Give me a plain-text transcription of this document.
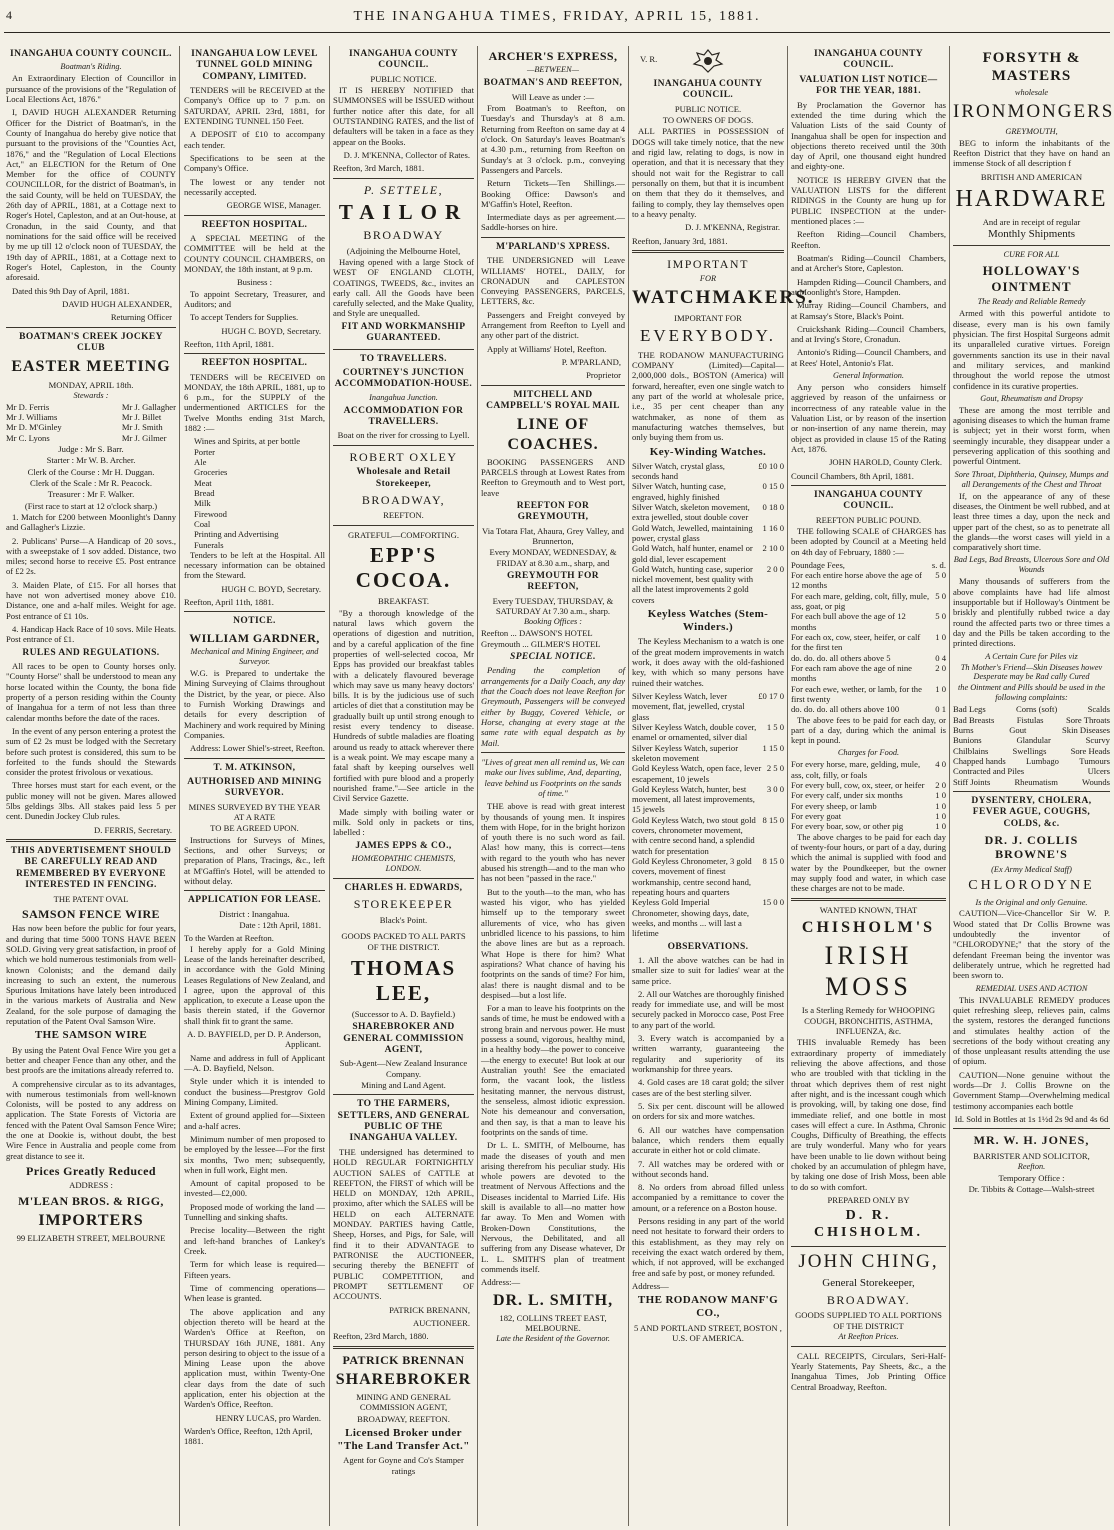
4	THE INANGAHUA TIMES, FRIDAY, APRIL 15, 1881.
INANGAHUA COUNTY COUNCIL.
Boatman's Riding.

An Extraordinary Election of Councillor in pursuance of the provisions of the "Regulation of Local Elections Act, 1876."

I, DAVID HUGH ALEXANDER Returning Officer for the District of Boatman's, in the County of Inangahua do hereby give notice that pursuant to the provisions of the "Counties Act, 1876," and the "Regulation of Local Elections Act," an ELECTION for the Return of One Member for the office of COUNTY COUNCILLOR, for the district of Boatman's, in the said County, will be held on TUESDAY, the 26th day of APRIL, 1881, at a Cottage next to Roger's Hotel, Capleston, and at an Out-house, at Cronadun, in the said County, and that nominations for the said office will be received by me up till 12 o'clock noon of TUESDAY, the 19th day of APRIL, 1881, at a Cottage next to Roger's Hotel, Capleston, in the County aforesaid.

Dated this 9th Day of April, 1881.

DAVID HUGH ALEXANDER,
Returning Officer
BOATMAN'S CREEK JOCKEY CLUB
EASTER MEETING
MONDAY, APRIL 18th.
Stewards :
Mr D. Ferris
Mr J. Williams
Mr D. M'Ginley
Mr C. Lyons
Mr J. Gallagher
Mr J. Billet
Mr J. Smith
Mr J. Gilmer
Judge : Mr S. Barr.
Starter : Mr W. B. Archer.
Clerk of the Course : Mr H. Duggan.
Clerk of the Scale : Mr R. Peacock.
Treasurer : Mr F. Walker.
(First race to start at 12 o'clock sharp.)

1. Match for £200 between Moonlight's Danny and Gallagher's Lizzie.

2. Publicans' Purse—A Handicap of 20 sovs., with a sweepstake of 1 sov added. Distance, two miles; second horse to receive £5. Post entrance of £2 2s.

3. Maiden Plate, of £15. For all horses that have not won advertised money above £10. Distance, one and a-half miles. Weight for age. Post entrance of £1 10s.

4. Handicap Hack Race of 10 sovs. Mile Heats. Post entrance of £1.

RULES AND REGULATIONS.

All races to be open to County horses only. "County Horse" shall be understood to mean any horse located within the County, the bona fide property of a person residing within the County of Inangahua for a term of not less than three calendar months before the date of the races.

In the event of any person entering a protest the sum of £2 2s must be lodged with the Secretary before such protest is considered, this sum to be forfeited to the funds should the Stewards consider the protest frivolous or vexatious.

Three horses must start for each event, or the public money will not be given. Mares allowed 5lbs geldings 3lbs. All stakes paid less 5 per cent. Dunedin Jockey Club rules.

D. FERRIS, Secretary.
THIS ADVERTISEMENT SHOULD BE CAREFULLY READ AND REMEMBERED BY EVERYONE INTERESTED IN FENCING.
THE PATENT OVAL
SAMSON FENCE WIRE

Has now been before the public for four years, and during that time 5000 TONS HAVE BEEN SOLD. Giving very great satisfaction, in proof of which we hold numerous testimonials from well-known Colonists; and the demand daily increasing to such an extent, the numerous Spurious Imitations have lately been introduced in the various markets of Australia and New Zealand, for the sole purpose of damaging the reputation of the Patent Oval Samson Wire.

THE SAMSON WIRE

By using the Patent Oval Fence Wire you get a better and cheaper Fence than any other, and the best proofs are the imitations already referred to.

A comprehensive circular as to its advantages, with numerous testimonials from well-known Colonists, will be posted to any address on application. The State Forests of Victoria are fenced with the Patent Oval Samson Fence Wire; the one at Dookie is, without doubt, the best Wire Fence in Australia and people come from great distance to see it.

Prices Greatly Reduced
ADDRESS :
M'LEAN BROS. & RIGG,
IMPORTERS
99 ELIZABETH STREET, MELBOURNE
INANGAHUA LOW LEVEL TUNNEL GOLD MINING COMPANY, LIMITED.

TENDERS will be RECEIVED at the Company's Office up to 7 p.m. on SATURDAY, APRIL 23rd, 1881, for EXTENDING TUNNEL 150 Feet.

A DEPOSIT of £10 to accompany each tender.

Specifications to be seen at the Company's Office.

The lowest or any tender not necessarily accepted.

GEORGE WISE, Manager.
REEFTON HOSPITAL.

A SPECIAL MEETING of the COMMITTEE will be held at the COUNTY COUNCIL CHAMBERS, on MONDAY, the 18th instant, at 9 p.m.

Business :

To appoint Secretary, Treasurer, and Auditors; and

To accept Tenders for Supplies.

HUGH C. BOYD, Secretary.
Reefton, 11th April, 1881.
REEFTON HOSPITAL.

TENDERS will be RECEIVED on MONDAY, the 18th APRIL, 1881, up to 6 p.m., for the SUPPLY of the undermentioned ARTICLES for the Twelve Months ending 31st March, 1882 :—

Wines and Spirits, at per bottle
Porter
Ale
Groceries
Meat
Bread
Milk
Firewood
Coal
Printing and Advertising
Funerals

Tenders to be left at the Hospital. All necessary information can be obtained from the Steward.

HUGH C. BOYD, Secretary.
Reefton, April 11th, 1881.
NOTICE.
WILLIAM GARDNER,
Mechanical and Mining Engineer, and Surveyor.

W.G. is Prepared to undertake the Mining Surveying of Claims throughout the District, by the year, or piece. Also to Furnish Working Drawings and details for every description of Machinery and work required by Mining Companies.

Address: Lower Shiel's-street, Reefton.

T. M. ATKINSON,
AUTHORISED AND MINING SURVEYOR.
MINES SURVEYED BY THE YEAR AT A RATE
TO BE AGREED UPON.

Instructions for Surveys of Mines, Sections, and other Surveys; or preparation of Plans, Tracings, &c., left at M'Gaffin's Hotel, will be attended to without delay.

APPLICATION FOR LEASE.
District : Inangahua.
Date : 12th April, 1881.
To the Warden at Reefton.

I hereby apply for a Gold Mining Lease of the lands hereinafter described, in accordance with the Gold Mining Leases Regulations of New Zealand, and I agree, upon the approval of this application, to execute a Lease upon the basis therein stated, if the Governor shall think fit to grant the same.

A. D. BAYFIELD, per D. P. Anderson, Applicant.

Name and address in full of Applicant—A. D. Bayfield, Nelson.

Style under which it is intended to conduct the business—Prestgrov Gold Mining Company, Limited.

Extent of ground applied for—Sixteen and a-half acres.

Minimum number of men proposed to be employed by the lessee—For the first six months, Two men; subsequently, when in full work, Eight men.

Amount of capital proposed to be invested—£2,000.

Proposed mode of working the land —Tunnelling and sinking shafts.

Precise locality—Between the right and left-hand branches of Lankey's Creek.

Term for which lease is required—Fifteen years.

Time of commencing operations—When lease is granted.

The above application and any objection thereto will be heard at the Warden's Office at Reefton, on THURSDAY 16th JUNE, 1881. Any person desiring to object to the issue of a Mining Lease upon the above application must, within Twenty-One clear days from the date of such application, enter his objection at the Warden's Office, Reefton.

HENRY LUCAS, pro Warden.
Warden's Office, Reefton, 12th April, 1881.
INANGAHUA COUNTY COUNCIL.
PUBLIC NOTICE.

IT IS HEREBY NOTIFIED that SUMMONSES will be ISSUED without further notice after this date, for all OUTSTANDING RATES, and the list of defaulters will be taken in a face as they appear on the Books.

D. J. M'KENNA, Collector of Rates.
Reefton, 3rd March, 1881.
P. SETTELE,
TAILOR
BROADWAY
(Adjoining the Melbourne Hotel,

Having opened with a large Stock of WEST OF ENGLAND CLOTH, COATINGS, TWEEDS, &c., invites an early call. All the Goods have been carefully selected, and the Make Quality, and Style are unequalled.

FIT AND WORKMANSHIP GUARANTEED.
TO TRAVELLERS.
COURTNEY'S JUNCTION ACCOMMODATION-HOUSE.
Inangahua Junction.
ACCOMMODATION FOR TRAVELLERS.
Boat on the river for crossing to Lyell.
ROBERT OXLEY
Wholesale and Retail Storekeeper,
BROADWAY,
REEFTON.
GRATEFUL—COMFORTING.
EPP'S COCOA.
BREAKFAST.

"By a thorough knowledge of the natural laws which govern the operations of digestion and nutrition, and by a careful application of the fine properties of well-selected cocoa, Mr Epps has provided our breakfast tables with a delicately flavoured beverage which may save us many heavy doctors' bills. It is by the judicious use of such articles of diet that a constitution may be gradually built up until strong enough to resist every tendency to disease. Hundreds of subtle maladies are floating around us ready to attack wherever there is a weak point. We may escape many a fatal shaft by keeping ourselves well fortified with pure blood and a properly nourished frame."—See article in the Civil Service Gazette.

Made simply with boiling water or milk. Sold only in packets or tins, labelled :

JAMES EPPS & CO.,
HOMŒOPATHIC CHEMISTS, LONDON.
CHARLES H. EDWARDS,
STOREKEEPER
Black's Point.
GOODS PACKED TO ALL PARTS
OF THE DISTRICT.
THOMAS LEE,
(Successor to A. D. Bayfield.)
SHAREBROKER AND GENERAL COMMISSION AGENT,
Sub-Agent—New Zealand Insurance Company.
Mining and Land Agent.
TO THE FARMERS, SETTLERS, AND GENERAL PUBLIC OF THE INANGAHUA VALLEY.

THE undersigned has determined to HOLD REGULAR FORTNIGHTLY AUCTION SALES of CATTLE at REEFTON, the FIRST of which will be HELD on MONDAY, 12th APRIL, proximo, after which the SALES will be HELD on each ALTERNATE MONDAY. PARTIES having Cattle, Sheep, Horses, and Pigs, for Sale, will find it to their ADVANTAGE to PATRONISE the AUCTIONEER, securing thereby the BENEFIT of PUBLIC COMPETITION, and PROMPT SETTLEMENT OF ACCOUNTS.

PATRICK BRENANN,
AUCTIONEER.
Reefton, 23rd March, 1880.
PATRICK BRENNAN
SHAREBROKER
MINING AND GENERAL COMMISSION AGENT,
BROADWAY, REEFTON.
Licensed Broker under "The Land Transfer Act."
Agent for Goyne and Co's Stamper ratings
ARCHER'S EXPRESS,
—BETWEEN—
BOATMAN'S AND REEFTON,
Will Leave as under :—

From Boatman's to Reefton, on Tuesday's and Thursday's at 8 a.m. Returning from Reefton on same day at 4 o'clock. On Saturday's leaves Boatman's at 4.30 p.m., returning from Reefton on Sunday's at 3 o'clock. p.m., conveying Passengers and Parcels.

Return Tickets—Ten Shillings.—Booking Office: Dawson's and M'Gaffin's Hotel, Reefton.

Intermediate days as per agreement.—Saddle-horses on hire.

M'PARLAND'S XPRESS.

THE UNDERSIGNED will Leave WILLIAMS' HOTEL, DAILY, for CRONADUN and CAPLESTON Conveying PASSENGERS, PARCELS, LETTERS, &c.

Passengers and Freight conveyed by Arrangement from Reefton to Lyell and any other part of the district.

Apply at Williams' Hotel, Reefton.

P. M'PARLAND,
Proprietor
MITCHELL AND CAMPBELL'S ROYAL MAIL
LINE OF COACHES.

BOOKING PASSENGERS AND PARCELS through at Lowest Rates from Reefton to Greymouth and to West port, leave

REEFTON FOR GREYMOUTH,
Via Totara Flat, Ahaura, Grey Valley, and Brunnerton,
Every MONDAY, WEDNESDAY, & FRIDAY at 8.30 a.m., sharp, and
GREYMOUTH FOR REEFTON,
Every TUESDAY, THURSDAY, & SATURDAY At 7.30 a.m., sharp.
Booking Offices :
Reefton ... DAWSON'S HOTEL
Greymouth ... GILMER'S HOTEL
SPECIAL NOTICE.

Pending the completion of arrangements for a Daily Coach, any day that the Coach does not leave Reefton for Greymouth, Passengers will be conveyed either by Buggy, Covered Vehicle, or Horse, changing at every stage at the same rate with equal despatch as by Mail.

"Lives of great men all remind us, We can make our lives sublime, And, departing, leave behind us Footprints on the sands of time."

THE above is read with great interest by thousands of young men. It inspires them with Hope, for in the bright horizon of youth there is no such word as fail. Alas! how many, this is correct—tens with regard to the youth who has never abused his strength—and to the man who has not been "passed in the race."

But to the youth—to the man, who has wasted his vigor, who has yielded himself up to the temporary sweet allurements of vice, who has given unbridled licence to his passions, to him the above lines are but as a reproach. What Hope is there for him? What aspirations? What chance of having his footprints on the sands of time? For him, alas! there is naught dismal and to be despised—but a lost life.

For a man to leave his footprints on the sands of time, he must be endowed with a strong brain and nervous power. He must possess a sound, vigorous, healthy mind, in a healthy body—the power to conceive—the energy to execute! But look at our Australian youth! See the emaciated form, the vacant look, the listless hesitating manner, the nervous distrust, the senseless, almost idiotic expression. Note his demeanour and conversation, and then say, is that a man to leave his footprints on the sands of time.

Dr L. L. SMITH, of Melbourne, has made the diseases of youth and men arising therefrom his peculiar study. His whole powers are devoted to the treatment of Nervous Affections and the Diseases incidental to Married Life. His skill is available to all—no matter how far away. To Men and Women with Broken-Down Constitutions, the Nervous, the Debilitated, and all suffering from any Disease whatever, Dr L. L. SMITH'S plan of treatment commends itself.

Address:—
DR. L. SMITH,
182, COLLINS TREET EAST, MELBOURNE.
Late the Resident of the Governor.
V. R.
INANGAHUA COUNTY COUNCIL.
PUBLIC NOTICE.
TO OWNERS OF DOGS.

ALL PARTIES in POSSESSION of DOGS will take timely notice, that the new and rigid law, relating to dogs, is now in operation, and that it is necessary that they should not wait for the Registrar to call personally on them, but that it is incumbent on them that they do it themselves, and failing to comply, they lay themselves open to a heavy penalty.

D. J. M'KENNA, Registrar.
Reefton, January 3rd, 1881.
IMPORTANT
FOR
WATCHMAKERS.
IMPORTANT FOR
EVERYBODY.

THE RODANOW MANUFACTURING COMPANY (Limited)—Capital—2,000,000 dols., BOSTON (America) will forward, hereafter, even one single watch to any part of the world at wholesale price, i.e., 35 per cent cheaper than any watchmaker, as none of them as manufacturing watches themselves, but only buying them from us.

Key-Winding Watches.
Silver Watch, crystal glass, seconds hand
£0 10 0
Silver Watch, hunting case, engraved, highly finished
0 15 0
Silver Watch, skeleton movement, extra jewelled, stout double cover
0 18 0
Gold Watch, Jewelled, maintaining power, crystal glass
1 16 0
Gold Watch, half hunter, enamel or gold dial, lever escapement
2 10 0
Gold Watch, hunting case, superior nickel movement, best quality with all the latest improvements 2 gold covers
2 0 0
Keyless Watches (Stem-Winders.)

The Keyless Mechanism to a watch is one of the great modern improvements in watch work, it does away with the old-fashioned key, with which so many persons have ruined their watches.

Silver Keyless Watch, lever movement, flat, jewelled, crystal glass
£0 17 0
Silver Keyless Watch, double cover, enamel or ornamented, silver dial
1 5 0
Silver Keyless Watch, superior skeleton movement
1 15 0
Gold Keyless Watch, open face, lever escapement, 10 jewels
2 5 0
Gold Keyless Watch, hunter, best movement, all latest improvements, 15 jewels
3 0 0
Gold Keyless Watch, two stout gold covers, chronometer movement, with centre second hand, a splendid watch for presentation
8 15 0
Gold Keyless Chronometer, 3 gold covers, movement of finest workmanship, centre second hand, repeating hours and quarters
8 15 0
Keyless Gold Imperial Chronometer, showing days, date, weeks, and months ... will last a lifetime
15 0 0
OBSERVATIONS.

1. All the above watches can be had in smaller size to suit for ladies' wear at the same price.

2. All our Watches are thoroughly finished ready for immediate use, and will be most securely packed in Morocco case, Post Free to any part of the world.

3. Every watch is accompanied by a written warranty, guaranteeing the regularity and superiority of its workmanship for three years.

4. Gold cases are 18 carat gold; the silver cases are of the best sterling silver.

5. Six per cent. discount will be allowed on orders for six and more watches.

6. All our watches have compensation balance, which renders them equally accurate in either hot or cold climate.

7. All watches may be ordered with or without seconds hand.

8. No orders from abroad filled unless accompanied by a remittance to cover the amount, or a reference on a Boston house.

Persons residing in any part of the world need not hesitate to forward their orders to this establishment, as they may rely on receiving the exact watch ordered by them, which, if not approved, will be exchanged free and safe by post, or money refunded.

Address—
THE RODANOW MANF'G CO.,
5 AND PORTLAND STREET, BOSTON , U.S. OF AMERICA.
INANGAHUA COUNTY COUNCIL.
VALUATION LIST NOTICE—FOR THE YEAR, 1881.

By Proclamation the Governor has extended the time during which the Valuation Lists of the said County of Inangahua shall be open for inspection and objections thereto received until the 30th day of April, one thousand eight hundred and eighty-one.

NOTICE IS HEREBY GIVEN that the VALUATION LISTS for the different RIDINGS in the County are hung up for PUBLIC INSPECTION at the under-mentioned places :—

Reefton Riding—Council Chambers, Reefton.

Boatman's Riding—Council Chambers, and at Archer's Store, Capleston.

Hampden Riding—Council Chambers, and at Moonlight's Store, Hampden.

Murray Riding—Council Chambers, and at Ramsay's Store, Black's Point.

Cruickshank Riding—Council Chambers, and at Irving's Store, Cronadun.

Antonio's Riding—Council Chambers, and at Rees' Hotel, Antonio's Flat.

General Information.

Any person who considers himself aggrieved by reason of the unfairness or incorrectness of any rateable value in the Valuation List, or by reason of the insertion or non-insertion of any name therein, may object as provided in clause 15 of the Rating Act, 1876.

JOHN HAROLD, County Clerk.
Council Chambers, 8th April, 1881.
INANGAHUA COUNTY COUNCIL.
REEFTON PUBLIC POUND.

THE following SCALE of CHARGES has been adopted by Council at a Meeting held on 4th day of February, 1880 :—

Poundage Fees,	s. d.
For each entire horse above the age of 12 months
5 0
For each mare, gelding, colt, filly, mule, ass, goat, or pig
5 0
For each bull above the age of 12 months
5 0
For each ox, cow, steer, heifer, or calf for the first ten
1 0
do. do. do. all others above 5	0 4
For each ram above the age of nine months
2 0
For each ewe, wether, or lamb, for the first twenty
1 0
do. do. do. all others above 100	0 1

The above fees to be paid for each day, or part of a day, during which the animal is kept in pound.

Charges for Food.
For every horse, mare, gelding, mule, ass, colt, filly, or foals
4 0
For every bull, cow, ox, steer, or heifer 2 0
For every calf, under six months	1 0
For every sheep, or lamb	1 0
For every goat	1 0
For every boar, sow, or other pig	1 0

The above charges to be paid for each day of twenty-four hours, or part of a day, during which the animal is supplied with food and water by the Poundkeeper, but the owner may supply food and water, in which case these charges are not to be made.

WANTED KNOWN, THAT
CHISHOLM'S
IRISH MOSS
Is a Sterling Remedy for WHOOPING COUGH, BRONCHITIS, ASTHMA, INFLUENZA, &c.

THIS invaluable Remedy has been extraordinary property of immediately relieving the above affections, and those who are troubled with that tickling in the throat which deprives them of rest night after night, and is the incessant cough which is provoking, will, by taking one dose, find immediate relief, and one bottle in most cases will effect a cure. In Asthma, Chronic Coughs, Difficulty of Breathing, the effects are truly wonderful. Many who for years have been unable to lie down without being choked by an accumulation of phlegm have, by taking one dose of Irish Moss, been able to do so with comfort.

PREPARED ONLY BY
D. R. CHISHOLM.
JOHN CHING,
General Storekeeper,
BROADWAY.
GOODS SUPPLIED TO ALL PORTIONS OF THE DISTRICT
At Reefton Prices.

CALL RECEIPTS, Circulars, Seri-Half-Yearly Statements, Pay Sheets, &c., a the Inangahua Times, Job Printing Office Central Broadway, Reefton.

FORSYTH & MASTERS
wholesale
IRONMONGERS
GREYMOUTH,

BEG to inform the inhabitants of the Reefton District that they have on hand an immense Stock of all description f

BRITISH AND AMERICAN
HARDWARE
And are in receipt of regular
Monthly Shipments
CURE FOR ALL
HOLLOWAY'S OINTMENT
The Ready and Reliable Remedy

Armed with this powerful antidote to disease, every man is his own family physician. The first Hospital Surgeons admit its unparalleled curative virtues. Foreign governments sanction its use in their naval and military services, and mankind throughout the world repose the utmost confidence in its curative properties.

Gout, Rheumatism and Dropsy

These are among the most terrible and agonising diseases to which the human frame is subject; yet in their worst form, when seemingly incurable, they disappear under a persevering application of this soothing and powerful Ointment.

Sore Throat, Diphtheria, Quinsey, Mumps and all Derangements of the Chest and Throat

If, on the appearance of any of these diseases, the Ointment be well rubbed, and at least three times a day, upon the neck and upper part of the chest, so as to penetrate all the glands—the worst cases will yield in a comparatively short time.

Bad Legs, Bad Breasts, Ulcerous Sore and Old Wounds

Many thousands of sufferers from the above complaints have had life almost insupportable but if Holloway's Ointment be briskly and plentifully rubbed twice a day round the affected parts two or three times a day and the Pills be taken according to the printed directions.

A Certain Cure for Piles viz
Th Mother's Friend—Skin Diseases howev Desperate may be Rad cally Cured
the Ointment and Pills should be used in the following complaints:
Bad Legs	Corns (soft)	Scalds
Bad Breasts	Fistulas	Sore Throats
Burns	Gout	Skin Diseases
Bunions	Glandular	Scurvy
Chilblains	Swellings	Sore Heads
Chapped hands Lumbago Tumours
Contracted and Piles	Ulcers
Stiff Joints	Rheumatism	Wounds
DYSENTERY, CHOLERA, FEVER AGUE, COUGHS, COLDS, &c.
DR. J. COLLIS BROWNE'S
(Ex Army Medical Staff)
CHLORODYNE
Is the Original and only Genuine.

CAUTION—Vice-Chancellor Sir W. P. Wood stated that Dr Collis Browne was undoubtedly the inventor of "CHLORODYNE;" that the story of the defendant Freeman being the inventor was deliberately untrue, which he regretted had been sworn to.

REMEDIAL USES AND ACTION

This INVALUABLE REMEDY produces quiet refreshing sleep, relieves pain, calms the system, restores the deranged functions and stimulates healthy action of the secretions of the body without creating any of those unpleasant results attending the use of opium.

CAUTION—None genuine without the words—Dr J. Collis Browne on the Government Stamp—Overwhelming medical testimony accompanies each bottle

Id. Sold in Bottles at 1s 1½d 2s 9d and 4s 6d
MR. W. H. JONES,
BARRISTER AND SOLICITOR,
Reefton.
Temporary Office :
Dr. Tibbits & Cottage—Walsh-street
